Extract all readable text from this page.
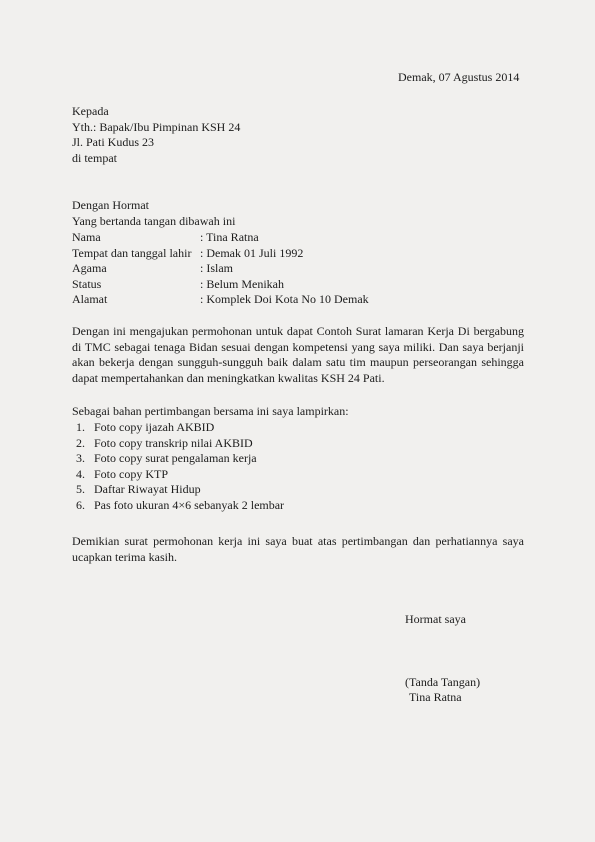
Demak, 07 Agustus 2014
Kepada
Yth.: Bapak/Ibu Pimpinan KSH 24
Jl. Pati Kudus 23
di tempat
Dengan Hormat
Yang bertanda tangan dibawah ini
Nama	: Tina Ratna
Tempat dan tanggal lahir : Demak 01 Juli 1992
Agama	: Islam
Status	: Belum Menikah
Alamat	: Komplek Doi Kota No 10 Demak
Dengan ini mengajukan permohonan untuk dapat Contoh Surat lamaran Kerja Di bergabung
di TMC sebagai tenaga Bidan sesuai dengan kompetensi yang saya miliki. Dan saya berjanji
akan bekerja dengan sungguh-sungguh baik dalam satu tim maupun perseorangan sehingga
dapat mempertahankan dan meningkatkan kwalitas KSH 24 Pati.
Sebagai bahan pertimbangan bersama ini saya lampirkan:
1. Foto copy ijazah AKBID
2. Foto copy transkrip nilai AKBID
3. Foto copy surat pengalaman kerja
4. Foto copy KTP
5. Daftar Riwayat Hidup
6. Pas foto ukuran 4×6 sebanyak 2 lembar
Demikian surat permohonan kerja ini saya buat atas pertimbangan dan perhatiannya saya
ucapkan terima kasih.
Hormat saya
(Tanda Tangan)
Tina Ratna
